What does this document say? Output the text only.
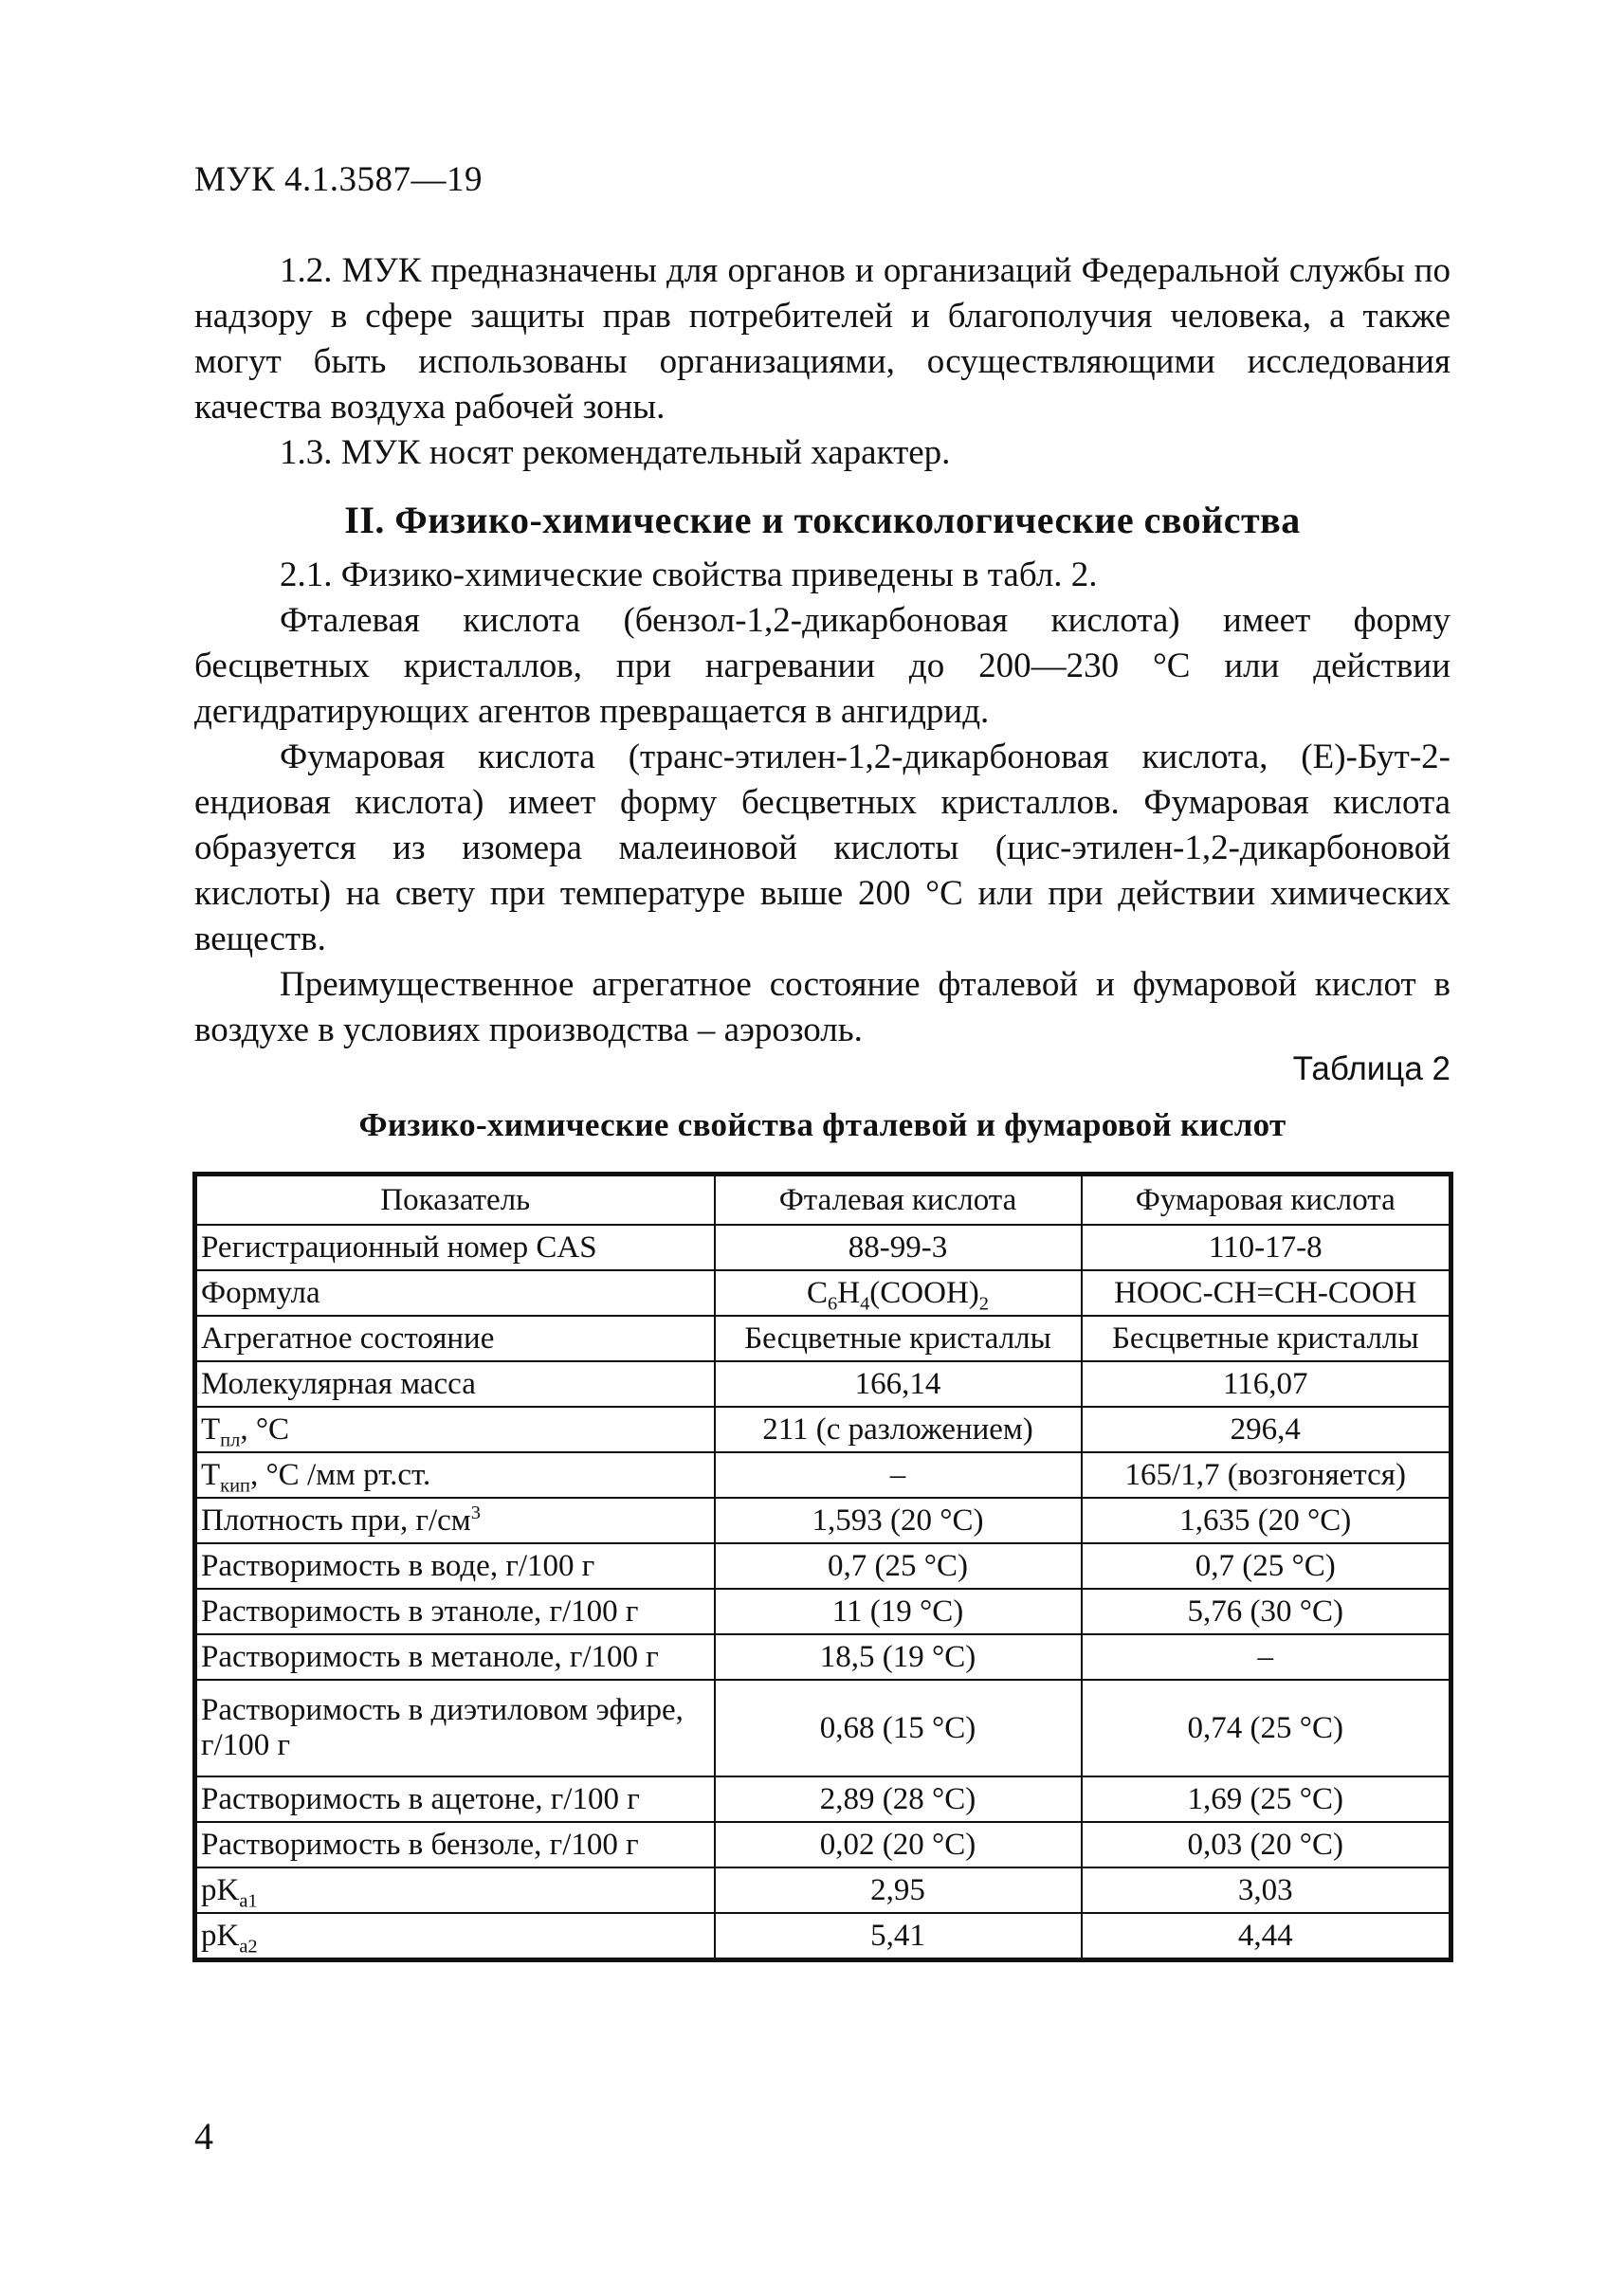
МУК 4.1.3587—19

1.2. МУК предназначены для органов и организаций Федеральной службы по надзору в сфере защиты прав потребителей и благополучия человека, а также могут быть использованы организациями, осуществляющими исследования качества воздуха рабочей зоны.

1.3. МУК носят рекомендательный характер.

II. Физико-химические и токсикологические свойства

2.1. Физико-химические свойства приведены в табл. 2.

Фталевая кислота (бензол-1,2-дикарбоновая кислота) имеет форму бесцветных кристаллов, при нагревании до 200—230 °С или действии дегидратирующих агентов превращается в ангидрид.

Фумаровая кислота (транс-этилен-1,2-дикарбоновая кислота, (Е)-Бут-2-ендиовая кислота) имеет форму бесцветных кристаллов. Фумаровая кислота образуется из изомера малеиновой кислоты (цис-этилен-1,2-дикарбоновой кислоты) на свету при температуре выше 200 °С или при действии химических веществ.

Преимущественное агрегатное состояние фталевой и фумаровой кислот в воздухе в условиях производства – аэрозоль.

Таблица 2
Физико-химические свойства фталевой и фумаровой кислот
Показатель	Фталевая кислота	Фумаровая кислота
Регистрационный номер CAS	88-99-3	110-17-8
Формула	$C_6H_4(COOH)_2$	HOOC-CH=CH-COOH
Агрегатное состояние	Бесцветные кристаллы	Бесцветные кристаллы
Молекулярная масса	166,14	116,07
$T_{пл}$, °С	211 (с разложением)	296,4
$T_{кип}$, °С /мм рт.ст.	–	165/1,7 (возгоняется)
Плотность при, $г/см^3$	1,593 (20 °С)	1,635 (20 °С)
Растворимость в воде, г/100 г	0,7 (25 °С)	0,7 (25 °С)
Растворимость в этаноле, г/100 г	11 (19 °С)	5,76 (30 °С)
Растворимость в метаноле, г/100 г	18,5 (19 °С)	–
Растворимость в диэтиловом эфире, г/100 г	0,68 (15 °С)	0,74 (25 °С)
Растворимость в ацетоне, г/100 г	2,89 (28 °С)	1,69 (25 °С)
Растворимость в бензоле, г/100 г	0,02 (20 °С)	0,03 (20 °С)
$pK_{a1}$	2,95	3,03
$pK_{a2}$	5,41	4,44
4
